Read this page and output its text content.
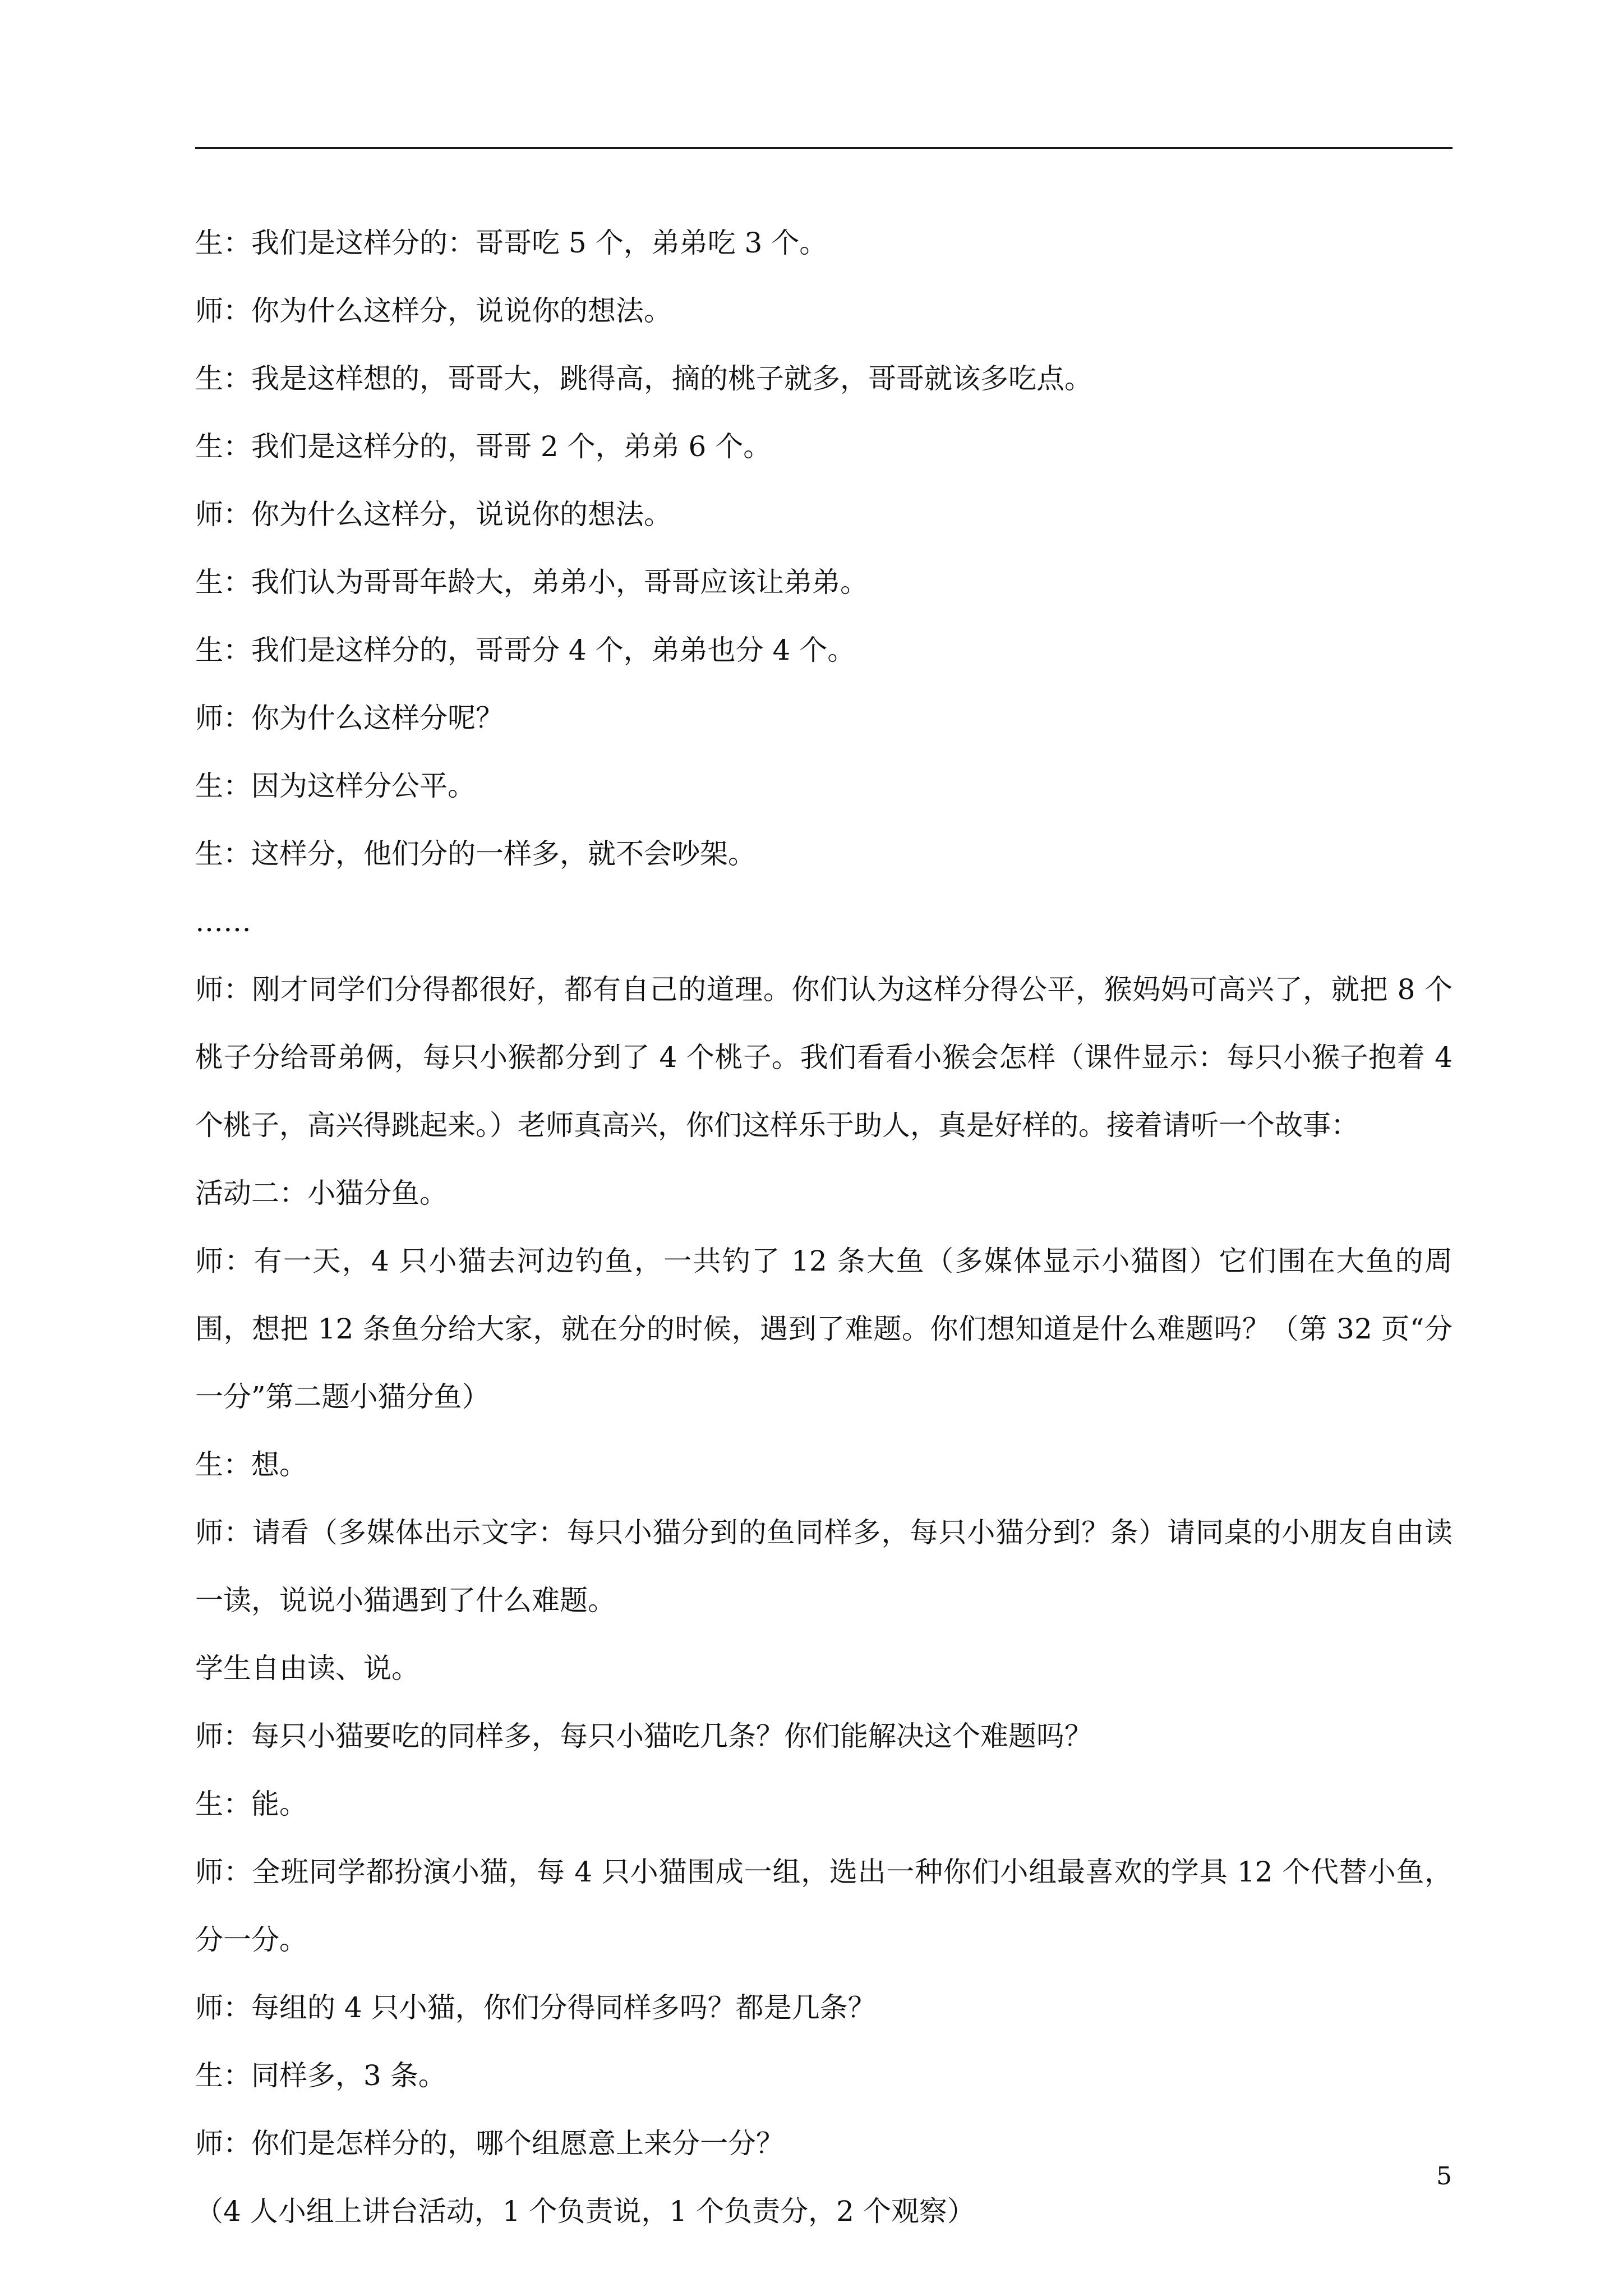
生：我们是这样分的：哥哥吃 5 个，弟弟吃 3 个。

师：你为什么这样分，说说你的想法。

生：我是这样想的，哥哥大，跳得高，摘的桃子就多，哥哥就该多吃点。

生：我们是这样分的，哥哥 2 个，弟弟 6 个。

师：你为什么这样分，说说你的想法。

生：我们认为哥哥年龄大，弟弟小，哥哥应该让弟弟。

生：我们是这样分的，哥哥分 4 个，弟弟也分 4 个。

师：你为什么这样分呢？

生：因为这样分公平。

生：这样分，他们分的一样多，就不会吵架。

……

师：刚才同学们分得都很好，都有自己的道理。你们认为这样分得公平，猴妈妈可高兴了，就把 8 个桃子分给哥弟俩，每只小猴都分到了 4 个桃子。我们看看小猴会怎样（课件显示：每只小猴子抱着 4 个桃子，高兴得跳起来。）老师真高兴，你们这样乐于助人，真是好样的。接着请听一个故事：

活动二：小猫分鱼。

师：有一天，4 只小猫去河边钓鱼，一共钓了 12 条大鱼（多媒体显示小猫图）它们围在大鱼的周围，想把 12 条鱼分给大家，就在分的时候，遇到了难题。你们想知道是什么难题吗？（第 32 页“分一分”第二题小猫分鱼）

生：想。

师：请看（多媒体出示文字：每只小猫分到的鱼同样多，每只小猫分到？条）请同桌的小朋友自由读一读，说说小猫遇到了什么难题。

学生自由读、说。

师：每只小猫要吃的同样多，每只小猫吃几条？你们能解决这个难题吗？

生：能。

师：全班同学都扮演小猫，每 4 只小猫围成一组，选出一种你们小组最喜欢的学具 12 个代替小鱼，分一分。

师：每组的 4 只小猫，你们分得同样多吗？都是几条？

生：同样多，3 条。

师：你们是怎样分的，哪个组愿意上来分一分？

（4 人小组上讲台活动，1 个负责说，1 个负责分，2 个观察）

5
